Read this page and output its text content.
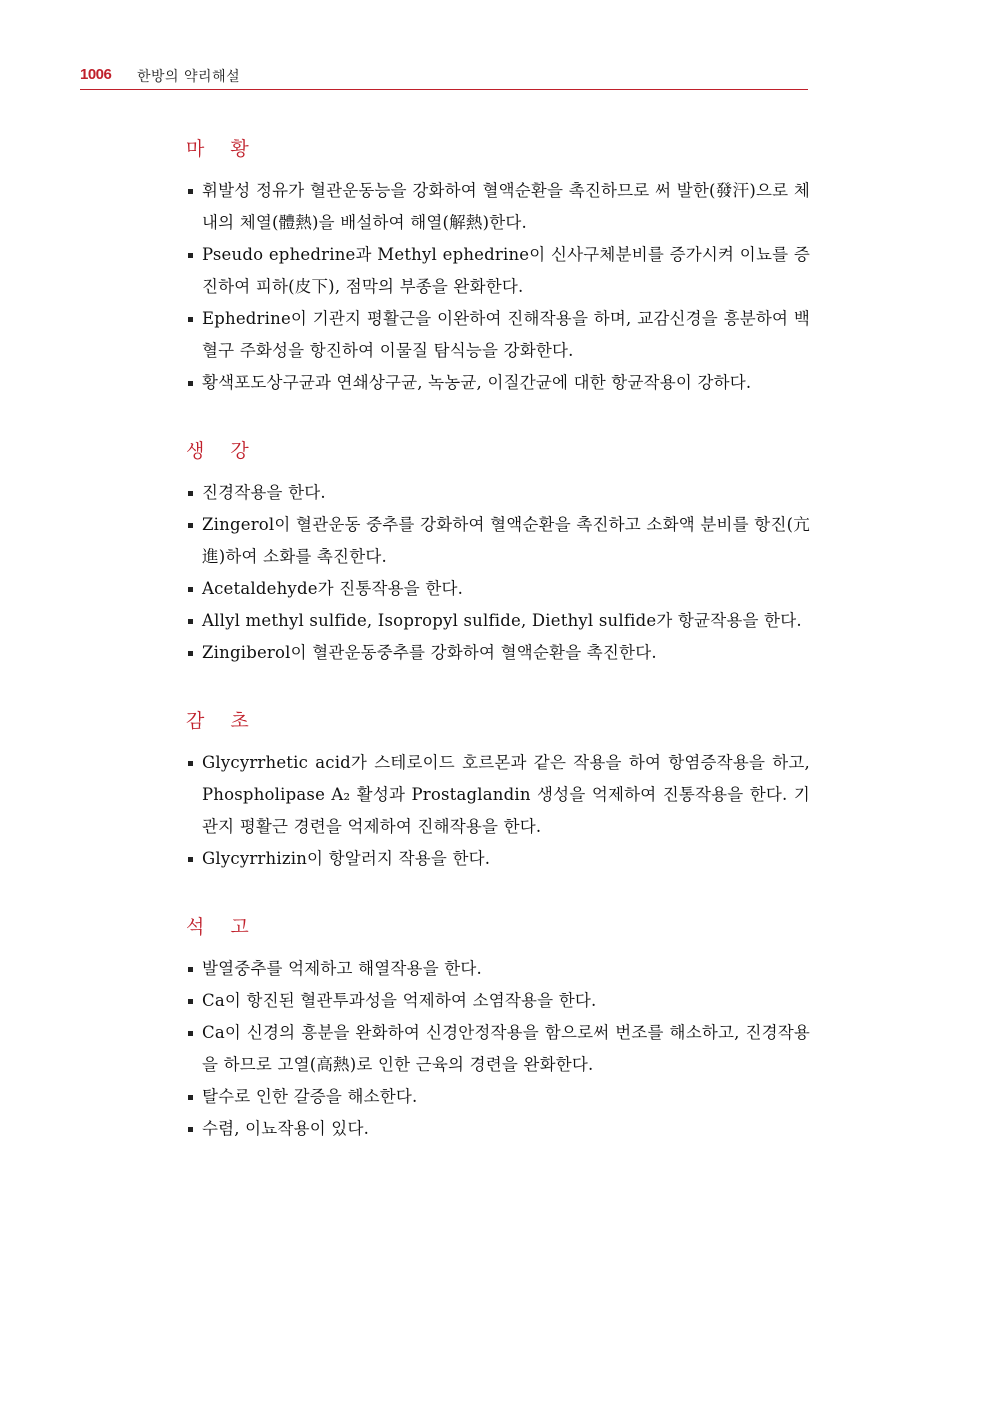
1006 한방의 약리해설
마 황
휘발성 정유가 혈관운동능을 강화하여 혈액순환을 촉진하므로 써 발한(發汗)으로 체내의 체열(體熱)을 배설하여 해열(解熱)한다.
Pseudo ephedrine과 Methyl ephedrine이 신사구체분비를 증가시켜 이뇨를 증진하여 피하(皮下), 점막의 부종을 완화한다.
Ephedrine이 기관지 평활근을 이완하여 진해작용을 하며, 교감신경을 흥분하여 백혈구 주화성을 항진하여 이물질 탐식능을 강화한다.
황색포도상구균과 연쇄상구균, 녹농균, 이질간균에 대한 항균작용이 강하다.
생 강
진경작용을 한다.
Zingerol이 혈관운동 중추를 강화하여 혈액순환을 촉진하고 소화액 분비를 항진(亢進)하여 소화를 촉진한다.
Acetaldehyde가 진통작용을 한다.
Allyl methyl sulfide, Isopropyl sulfide, Diethyl sulfide가 항균작용을 한다.
Zingiberol이 혈관운동중추를 강화하여 혈액순환을 촉진한다.
감 초
Glycyrrhetic acid가 스테로이드 호르몬과 같은 작용을 하여 항염증작용을 하고, Phospholipase A₂ 활성과 Prostaglandin 생성을 억제하여 진통작용을 한다. 기관지 평활근 경련을 억제하여 진해작용을 한다.
Glycyrrhizin이 항알러지 작용을 한다.
석 고
발열중추를 억제하고 해열작용을 한다.
Ca이 항진된 혈관투과성을 억제하여 소염작용을 한다.
Ca이 신경의 흥분을 완화하여 신경안정작용을 함으로써 번조를 해소하고, 진경작용을 하므로 고열(高熱)로 인한 근육의 경련을 완화한다.
탈수로 인한 갈증을 해소한다.
수렴, 이뇨작용이 있다.
